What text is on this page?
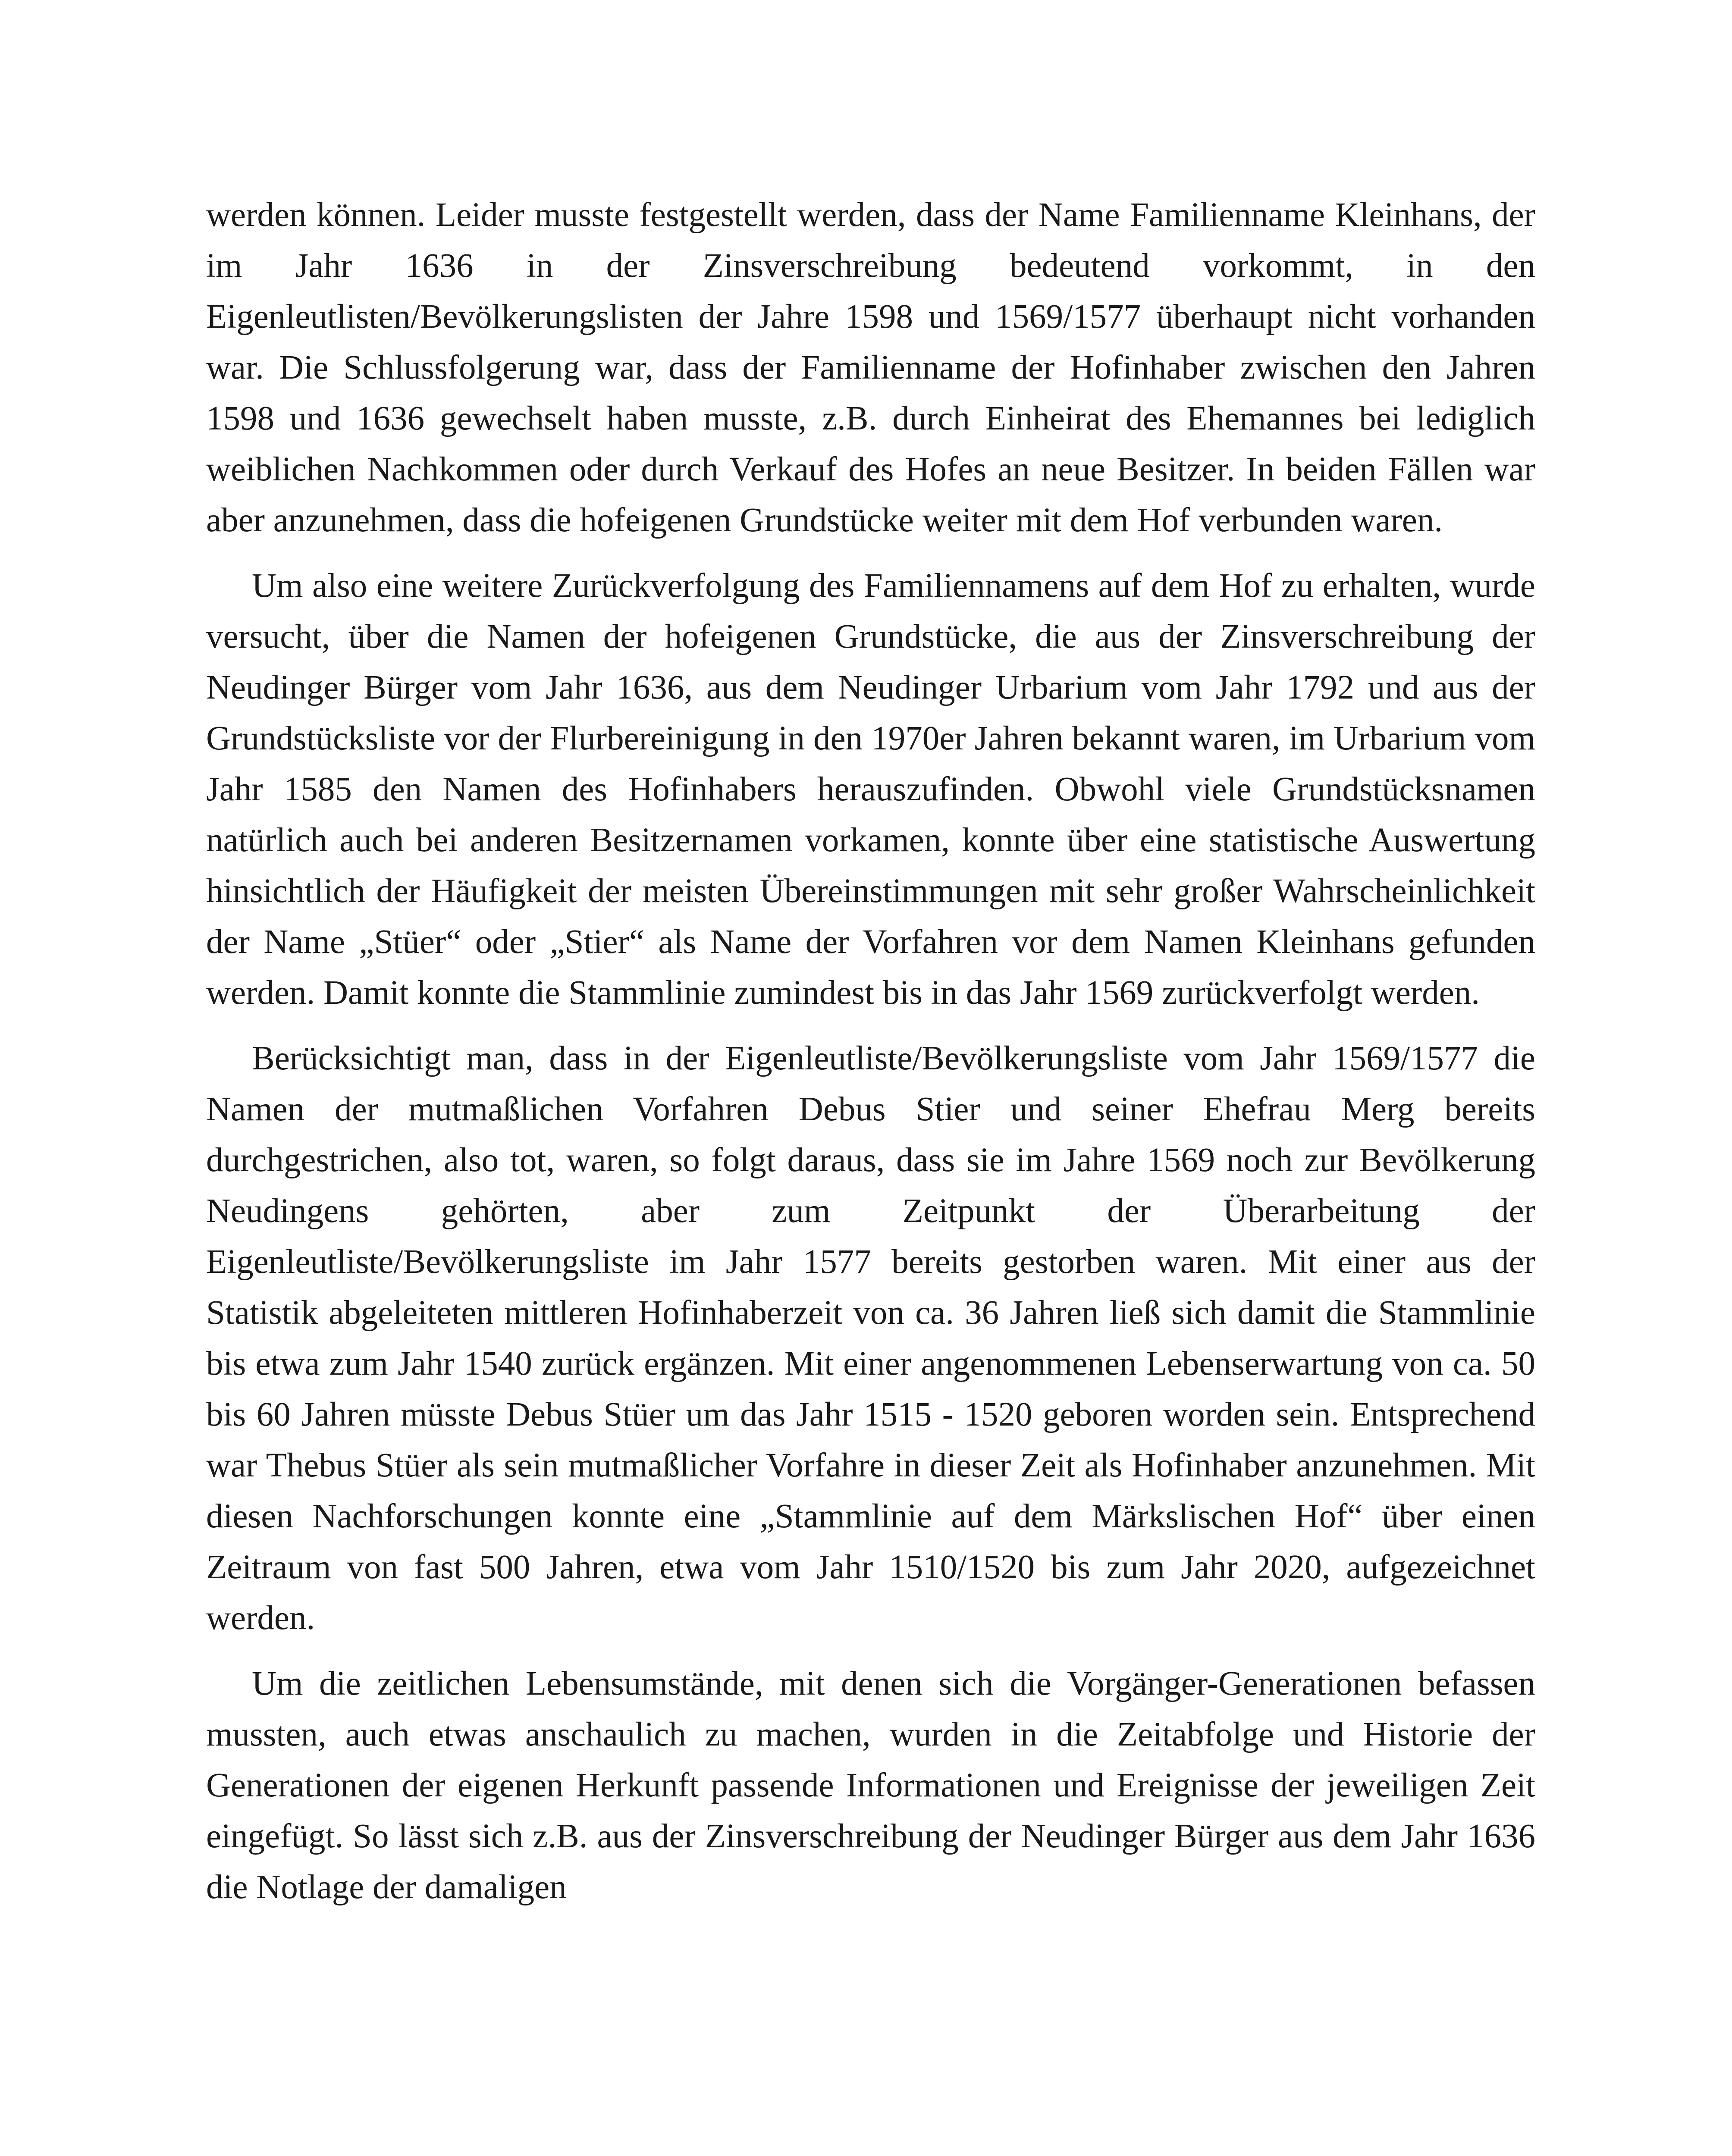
werden können. Leider musste festgestellt werden, dass der Name Familienname Kleinhans, der im Jahr 1636 in der Zinsverschreibung bedeutend vorkommt, in den Eigenleutlisten/Bevölkerungslisten der Jahre 1598 und 1569/1577 überhaupt nicht vorhanden war. Die Schlussfolgerung war, dass der Familienname der Hofinhaber zwischen den Jahren 1598 und 1636 gewechselt haben musste, z.B. durch Einheirat des Ehemannes bei lediglich weiblichen Nachkommen oder durch Verkauf des Hofes an neue Besitzer. In beiden Fällen war aber anzunehmen, dass die hofeigenen Grundstücke weiter mit dem Hof verbunden waren.

Um also eine weitere Zurückverfolgung des Familiennamens auf dem Hof zu erhalten, wurde versucht, über die Namen der hofeigenen Grundstücke, die aus der Zinsverschreibung der Neudinger Bürger vom Jahr 1636, aus dem Neudinger Urbarium vom Jahr 1792 und aus der Grundstücksliste vor der Flurbereinigung in den 1970er Jahren bekannt waren, im Urbarium vom Jahr 1585 den Namen des Hofinhabers herauszufinden. Obwohl viele Grundstücksnamen natürlich auch bei anderen Besitzernamen vorkamen, konnte über eine statistische Auswertung hinsichtlich der Häufigkeit der meisten Übereinstimmungen mit sehr großer Wahrscheinlichkeit der Name „Stüer“ oder „Stier“ als Name der Vorfahren vor dem Namen Kleinhans gefunden werden. Damit konnte die Stammlinie zumindest bis in das Jahr 1569 zurückverfolgt werden.

Berücksichtigt man, dass in der Eigenleutliste/Bevölkerungsliste vom Jahr 1569/1577 die Namen der mutmaßlichen Vorfahren Debus Stier und seiner Ehefrau Merg bereits durchgestrichen, also tot, waren, so folgt daraus, dass sie im Jahre 1569 noch zur Bevölkerung Neudingens gehörten, aber zum Zeitpunkt der Überarbeitung der Eigenleutliste/Bevölkerungsliste im Jahr 1577 bereits gestorben waren. Mit einer aus der Statistik abgeleiteten mittleren Hofinhaberzeit von ca. 36 Jahren ließ sich damit die Stammlinie bis etwa zum Jahr 1540 zurück ergänzen. Mit einer angenommenen Lebenserwartung von ca. 50 bis 60 Jahren müsste Debus Stüer um das Jahr 1515 - 1520 geboren worden sein. Entsprechend war Thebus Stüer als sein mutmaßlicher Vorfahre in dieser Zeit als Hofinhaber anzunehmen. Mit diesen Nachforschungen konnte eine „Stammlinie auf dem Märkslischen Hof“ über einen Zeitraum von fast 500 Jahren, etwa vom Jahr 1510/1520 bis zum Jahr 2020, aufgezeichnet werden.

Um die zeitlichen Lebensumstände, mit denen sich die Vorgänger-Generationen befassen mussten, auch etwas anschaulich zu machen, wurden in die Zeitabfolge und Historie der Generationen der eigenen Herkunft passende Informationen und Ereignisse der jeweiligen Zeit eingefügt. So lässt sich z.B. aus der Zinsverschreibung der Neudinger Bürger aus dem Jahr 1636 die Notlage der damaligen
